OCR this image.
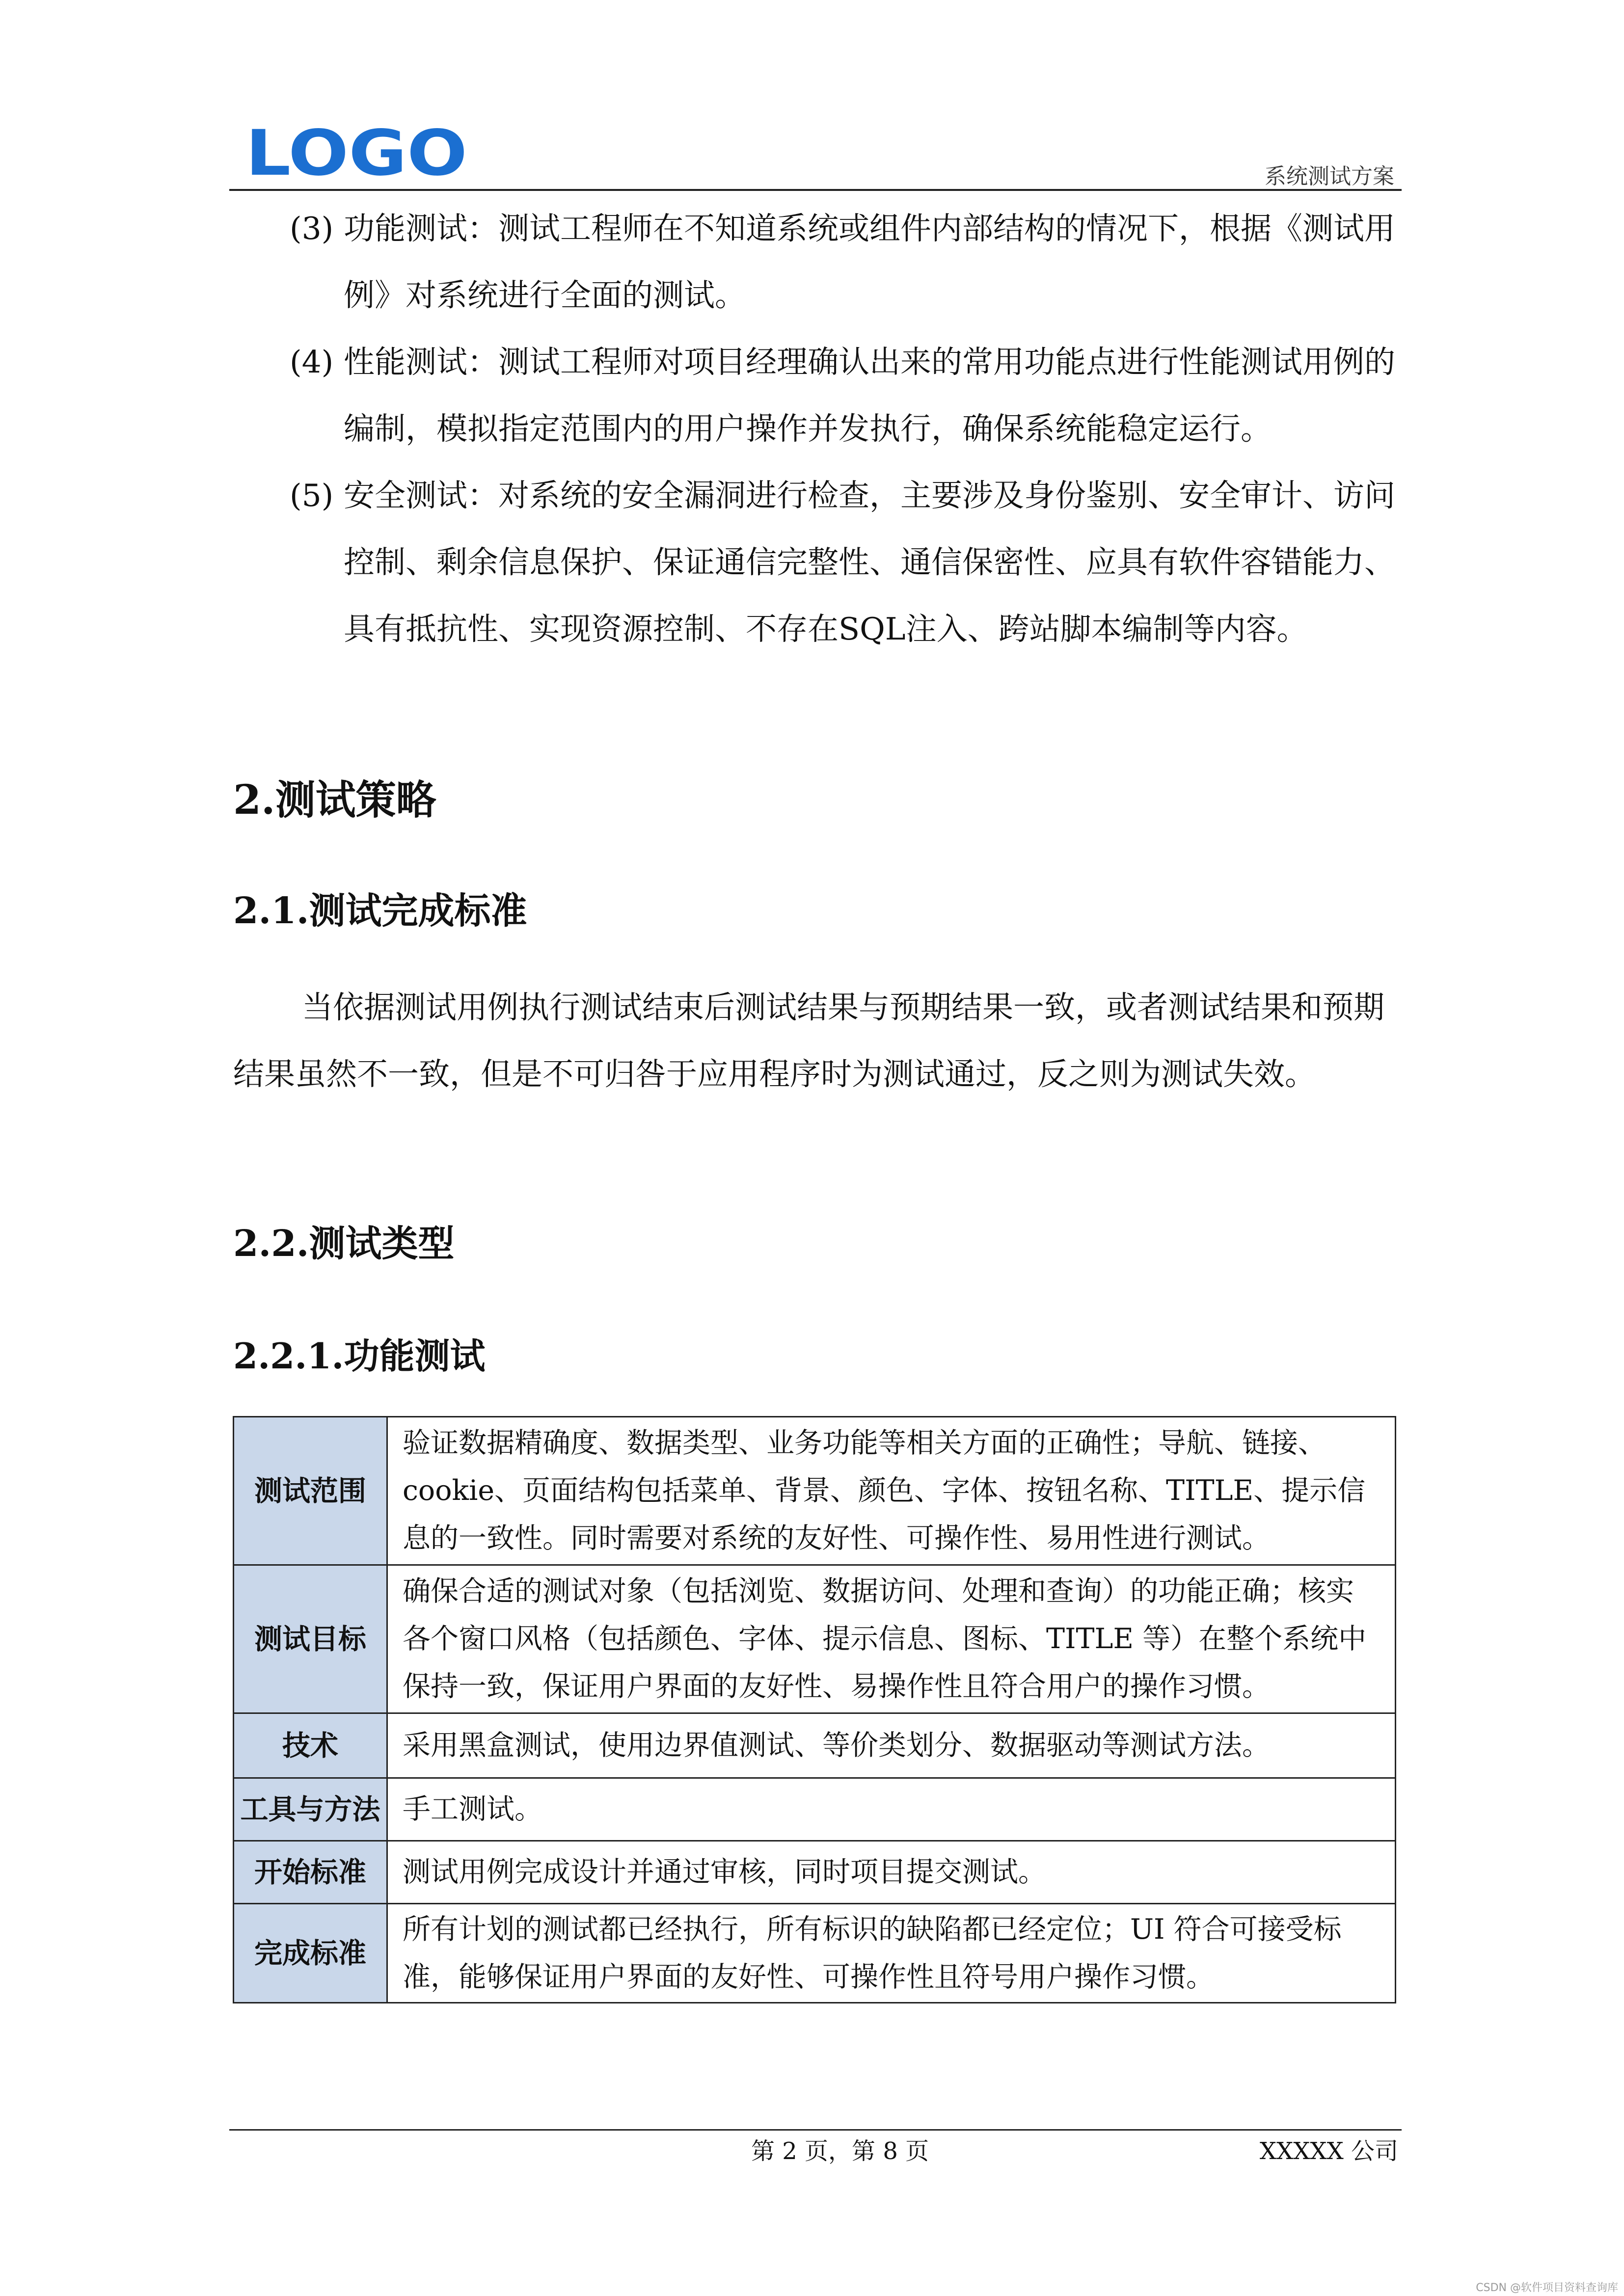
LOGO	系统测试方案
(3) 功能测试：测试工程师在不知道系统或组件内部结构的情况下，根据《测试用例》对系统进行全面的测试。
(4) 性能测试：测试工程师对项目经理确认出来的常用功能点进行性能测试用例的编制，模拟指定范围内的用户操作并发执行，确保系统能稳定运行。
(5) 安全测试：对系统的安全漏洞进行检查，主要涉及身份鉴别、安全审计、访问控制、剩余信息保护、保证通信完整性、通信保密性、应具有软件容错能力、具有抵抗性、实现资源控制、不存在SQL注入、跨站脚本编制等内容。
2.测试策略
2.1.测试完成标准
当依据测试用例执行测试结束后测试结果与预期结果一致，或者测试结果和预期结果虽然不一致，但是不可归咎于应用程序时为测试通过，反之则为测试失效。
2.2.测试类型
2.2.1.功能测试
测试范围	验证数据精确度、数据类型、业务功能等相关方面的正确性；导航、链接、cookie、页面结构包括菜单、背景、颜色、字体、按钮名称、TITLE、提示信息的一致性。同时需要对系统的友好性、可操作性、易用性进行测试。
测试目标	确保合适的测试对象（包括浏览、数据访问、处理和查询）的功能正确；核实各个窗口风格（包括颜色、字体、提示信息、图标、TITLE 等）在整个系统中保持一致，保证用户界面的友好性、易操作性且符合用户的操作习惯。
技术	采用黑盒测试，使用边界值测试、等价类划分、数据驱动等测试方法。
工具与方法	手工测试。
开始标准	测试用例完成设计并通过审核，同时项目提交测试。
完成标准	所有计划的测试都已经执行，所有标识的缺陷都已经定位；UI 符合可接受标准，能够保证用户界面的友好性、可操作性且符号用户操作习惯。
第 2 页，第 8 页	XXXXX 公司
CSDN @软件项目资料查询库
